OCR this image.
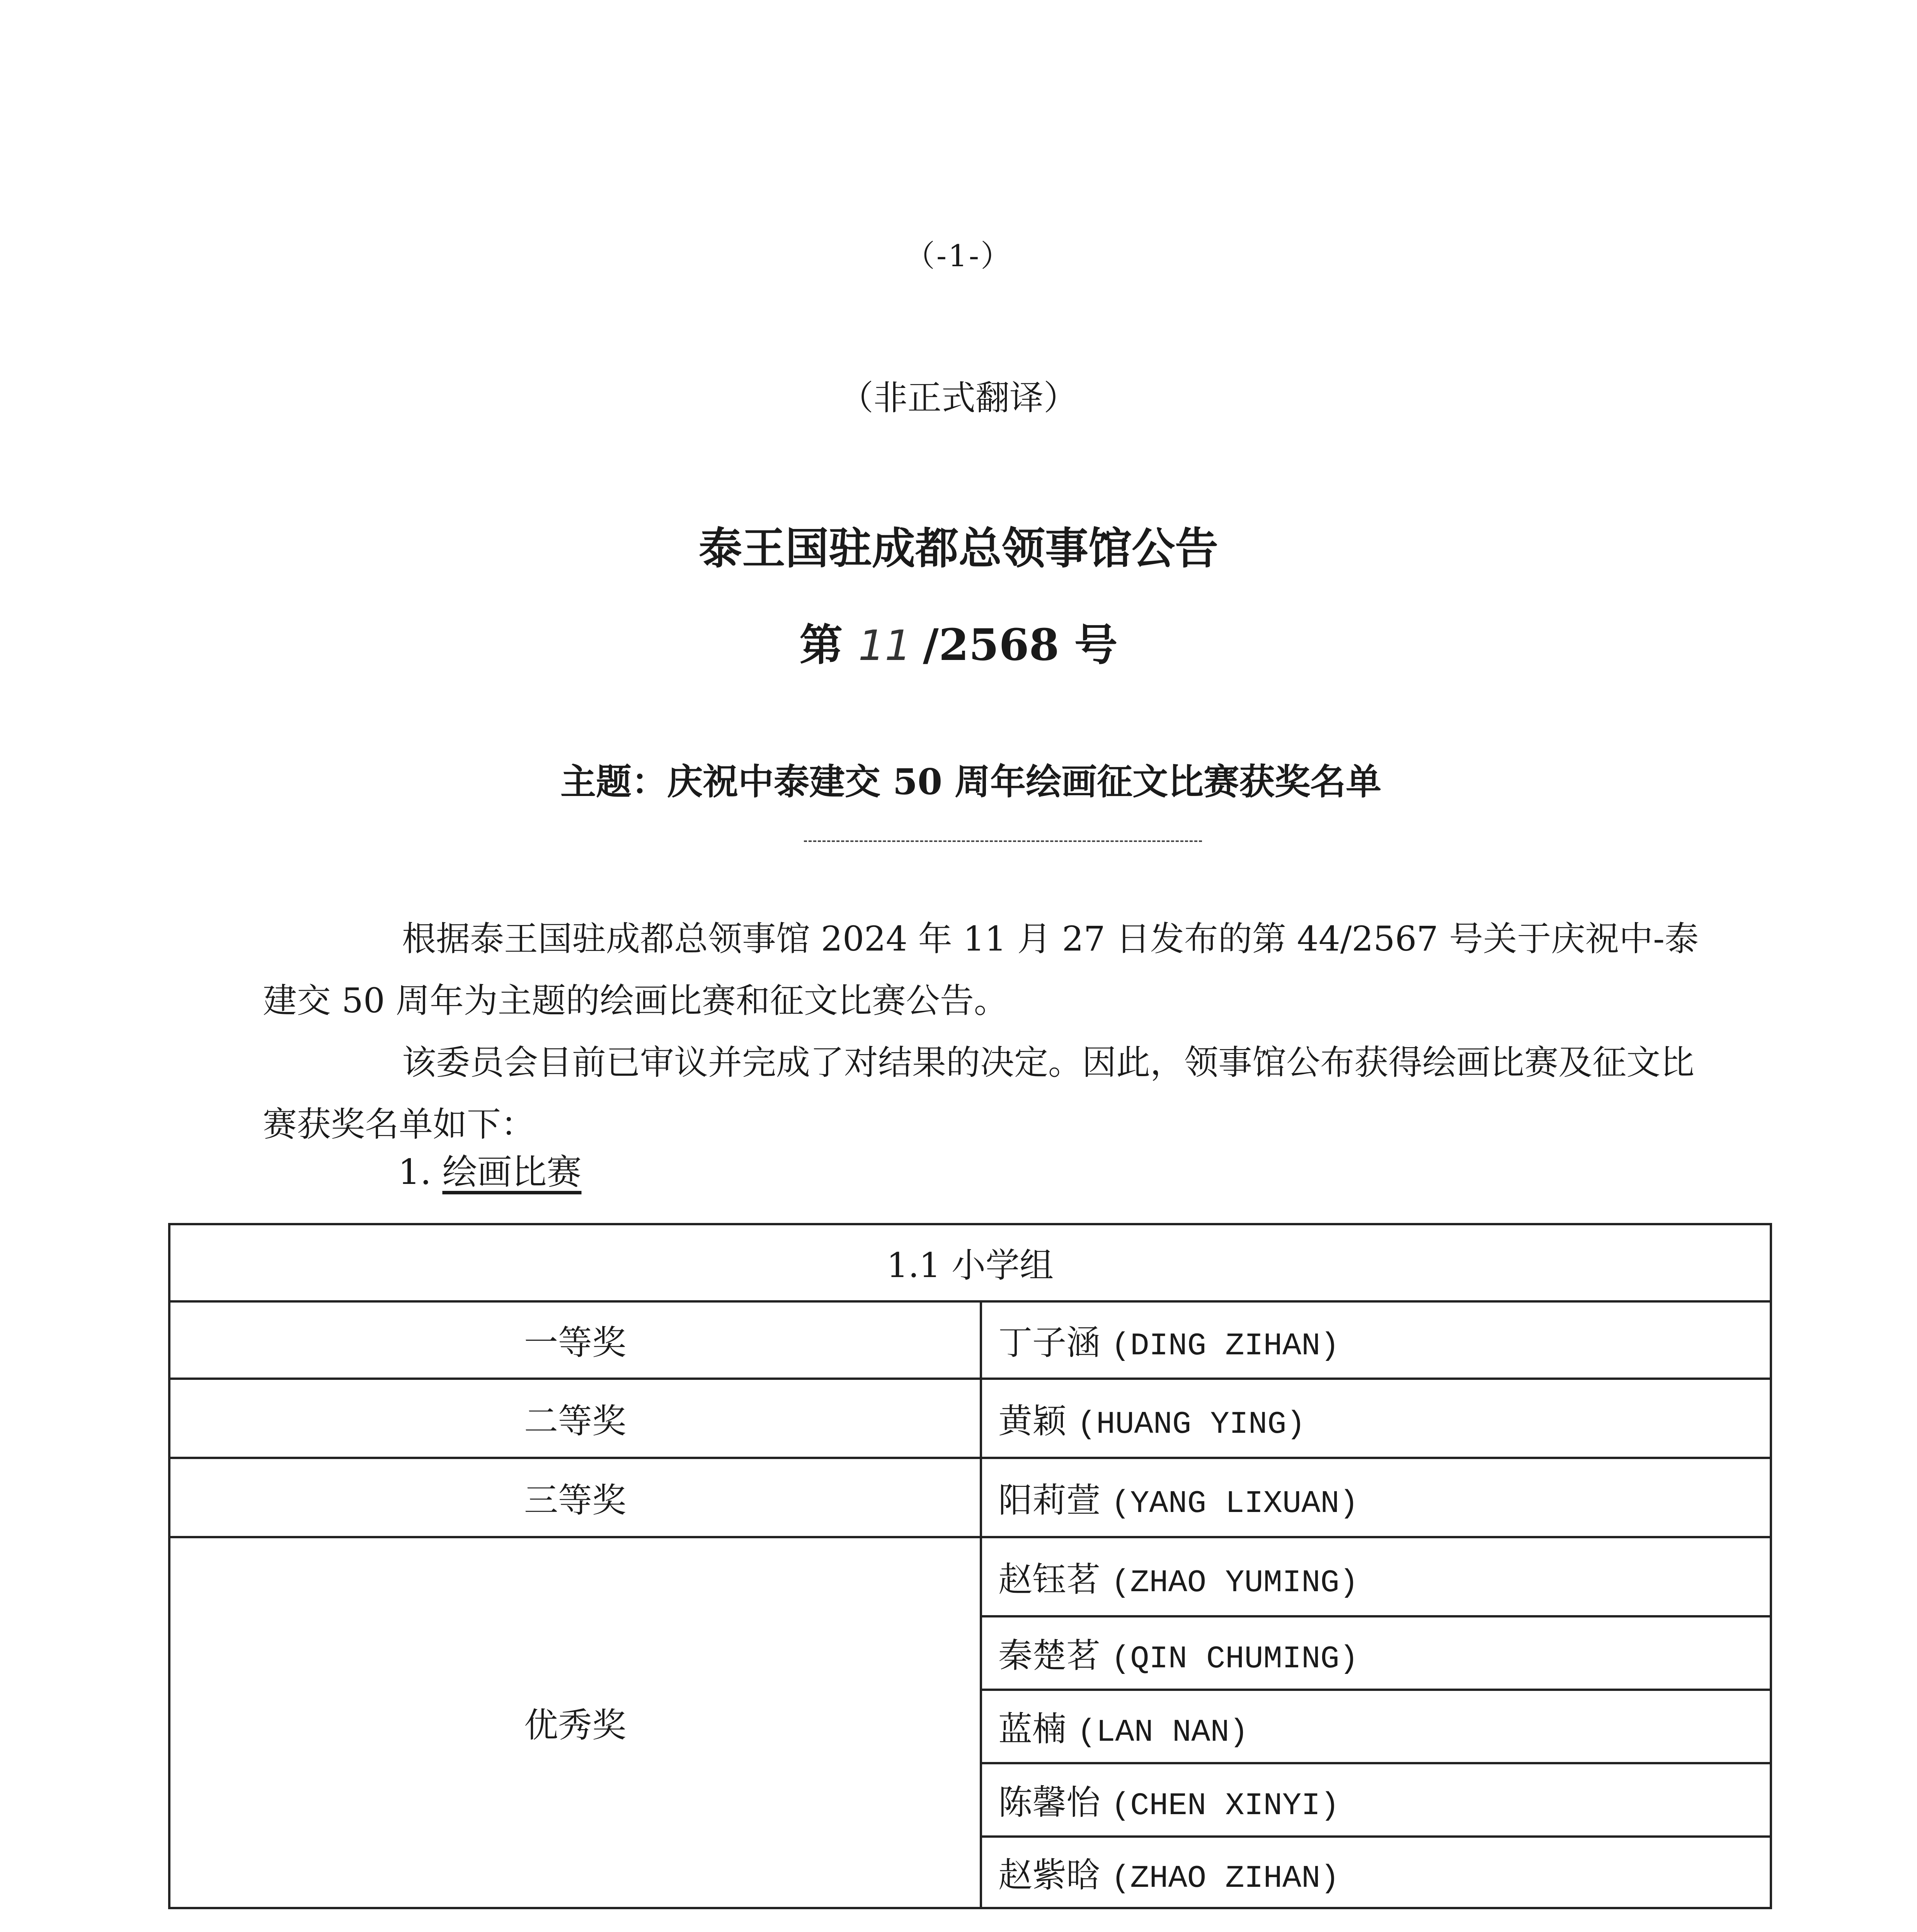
（-1-）
（非正式翻译）
泰王国驻成都总领事馆公告
第 11 /2568 号
主题：庆祝中泰建交 50 周年绘画征文比赛获奖名单
根据泰王国驻成都总领事馆 2024 年 11 月 27 日发布的第 44/2567 号关于庆祝中-泰建交 50 周年为主题的绘画比赛和征文比赛公告。
该委员会目前已审议并完成了对结果的决定。因此，领事馆公布获得绘画比赛及征文比赛获奖名单如下：
1. 绘画比赛
1.1 小学组	
一等奖	丁子涵 (DING ZIHAN)
二等奖	黄颖 (HUANG YING)
三等奖	阳莉萱 (YANG LIXUAN)
优秀奖	赵钰茗 (ZHAO YUMING)
	秦楚茗 (QIN CHUMING)
	蓝楠 (LAN NAN)
	陈馨怡 (CHEN XINYI)
	赵紫晗 (ZHAO ZIHAN)
